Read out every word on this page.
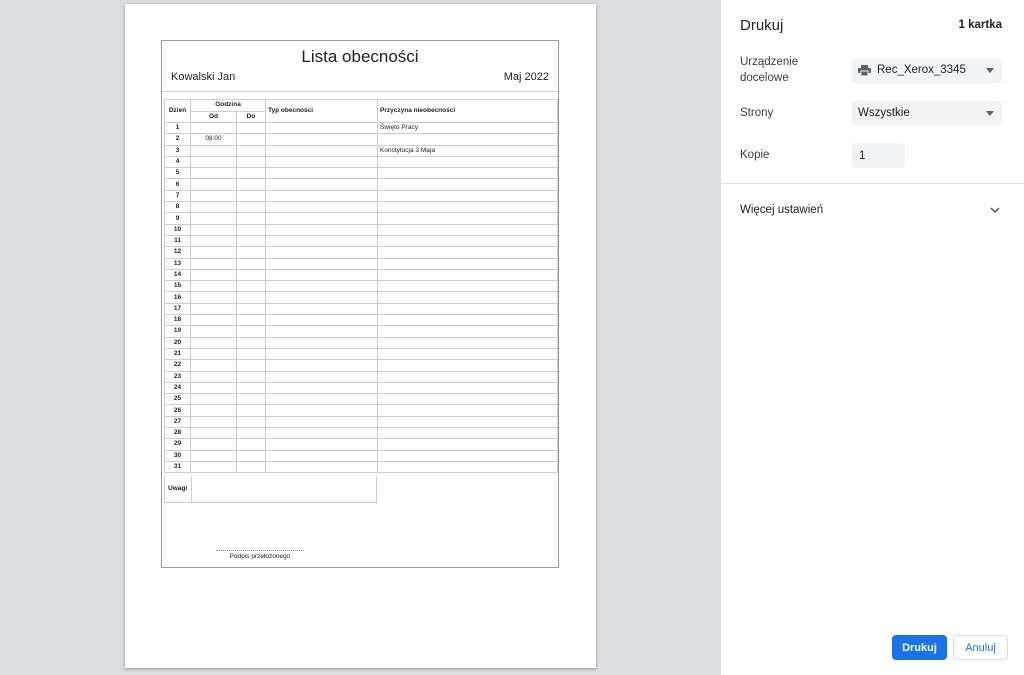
Lista obecności
Kowalski Jan	Maj 2022
Dzień	Godzina		Typ obecności	Przyczyna nieobecności
	Od	Do		
1				Święto Pracy
2	08:00			
3				Konstytucja 3 Maja
4				
5				
6				
7				
8				
9				
10				
11				
12				
13				
14				
15				
16				
17				
18				
19				
20				
21				
22				
23				
24				
25				
26				
27				
28				
29				
30				
31				
Uwagi
Podpis przełożonego
Drukuj	1 kartka
Urządzenie docelowe
Rec_Xerox_3345
Strony	Wszystkie
Kopie
1
Więcej ustawień
Drukuj	Anuluj
